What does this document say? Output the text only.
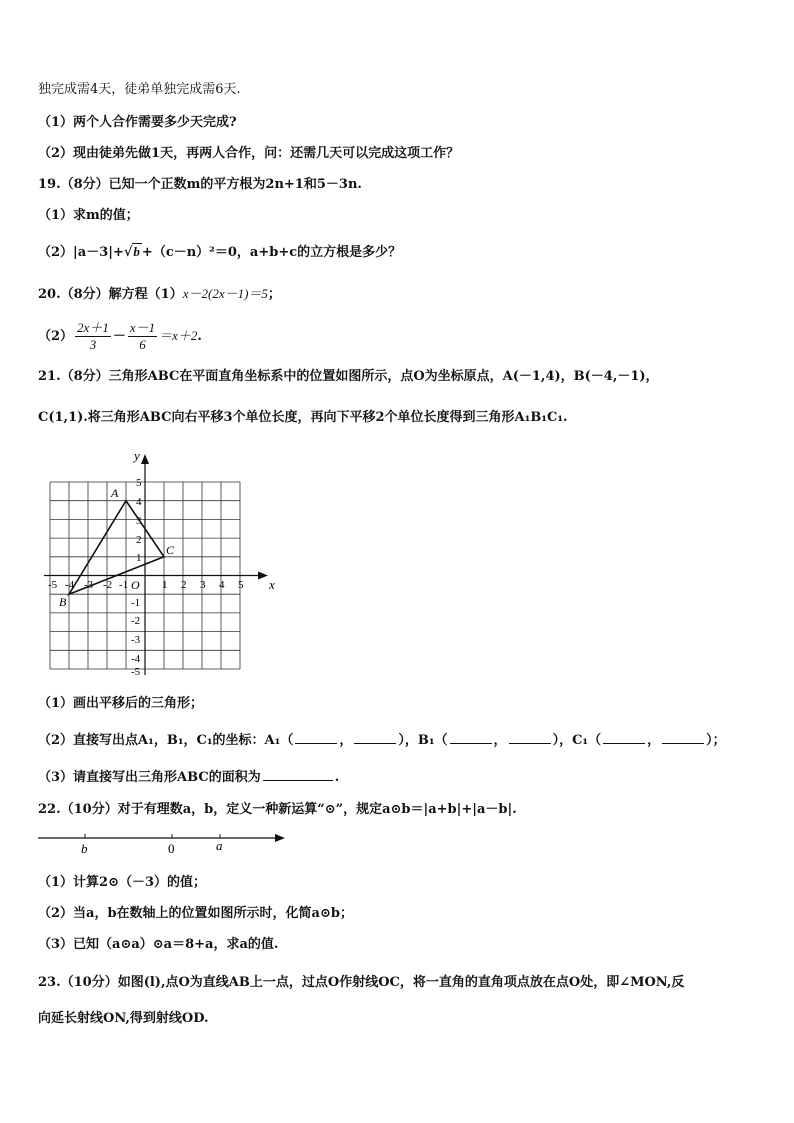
独完成需4天，徒弟单独完成需6天.
（1）两个人合作需要多少天完成?
（2）现由徒弟先做1天，再两人合作，问：还需几天可以完成这项工作？
19.（8分）已知一个正数m的平方根为2n+1和5－3n.
（1）求m的值；
（2）|a－3|+√b +（c－n）²＝0，a+b+c的立方根是多少？
20.（8分）解方程（1）x－2(2x－1)＝5；
$(2) \frac{2x+1}{3} - \frac{x-1}{6} =x+2$.
21.（8分）三角形ABC在平面直角坐标系中的位置如图所示，点O为坐标原点，A(－1,4)，B(－4,－1)，
C(1,1).将三角形ABC向右平移3个单位长度，再向下平移2个单位长度得到三角形A₁B₁C₁.
x
y
O
-5 -4 -3 -2 -1	1 2 3 4 5
5
4
3
2
1
-1
-2
-3
-4
-5
A
B
C
（1）画出平移后的三角形；
（2）直接写出点A₁，B₁，C₁的坐标：A₁（	，	），B₁（	，	），C₁（	，	）；
（3）请直接写出三角形ABC的面积为	.
22.（10分）对于有理数a，b，定义一种新运算“⊙”，规定a⊙b＝|a+b|+|a－b|.
b	0	a
（1）计算2⊙（－3）的值；
（2）当a，b在数轴上的位置如图所示时，化简a⊙b；
（3）已知（a⊙a）⊙a＝8+a，求a的值.
23.（10分）如图(l),点O为直线AB上一点，过点O作射线OC，将一直角的直角项点放在点O处，即∠MON,反
向延长射线ON,得到射线OD.
